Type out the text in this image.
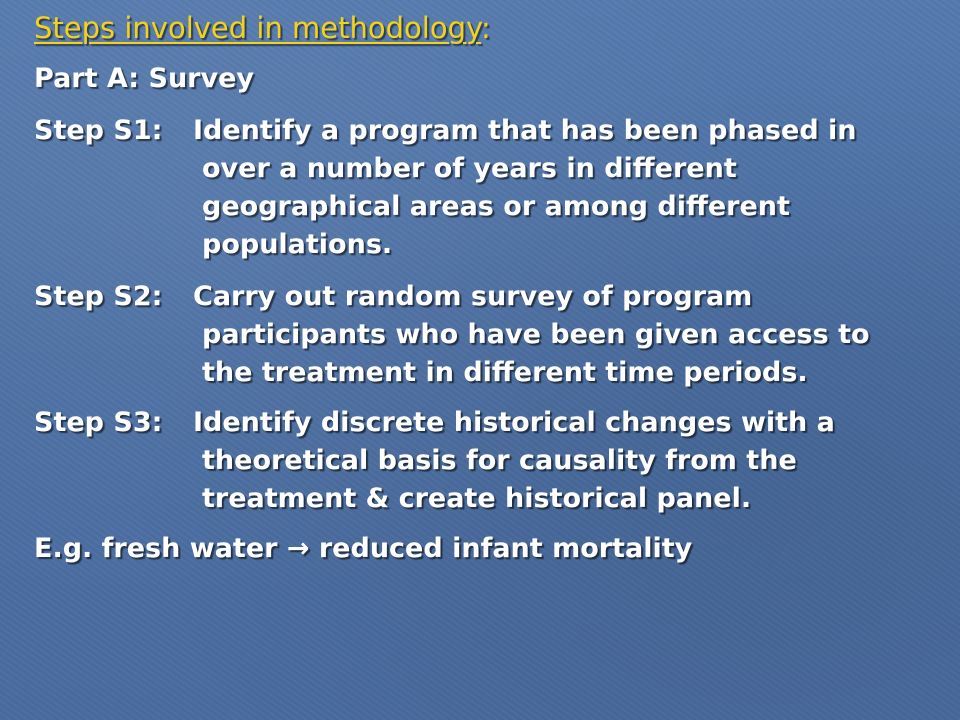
Steps involved in methodology:
Part A: Survey
Step S1: Identify a program that has been phased in
over a number of years in different
geographical areas or among different
populations.
Step S2: Carry out random survey of program
participants who have been given access to
the treatment in different time periods.
Step S3: Identify discrete historical changes with a
theoretical basis for causality from the
treatment & create historical panel.
E.g. fresh water → reduced infant mortality
